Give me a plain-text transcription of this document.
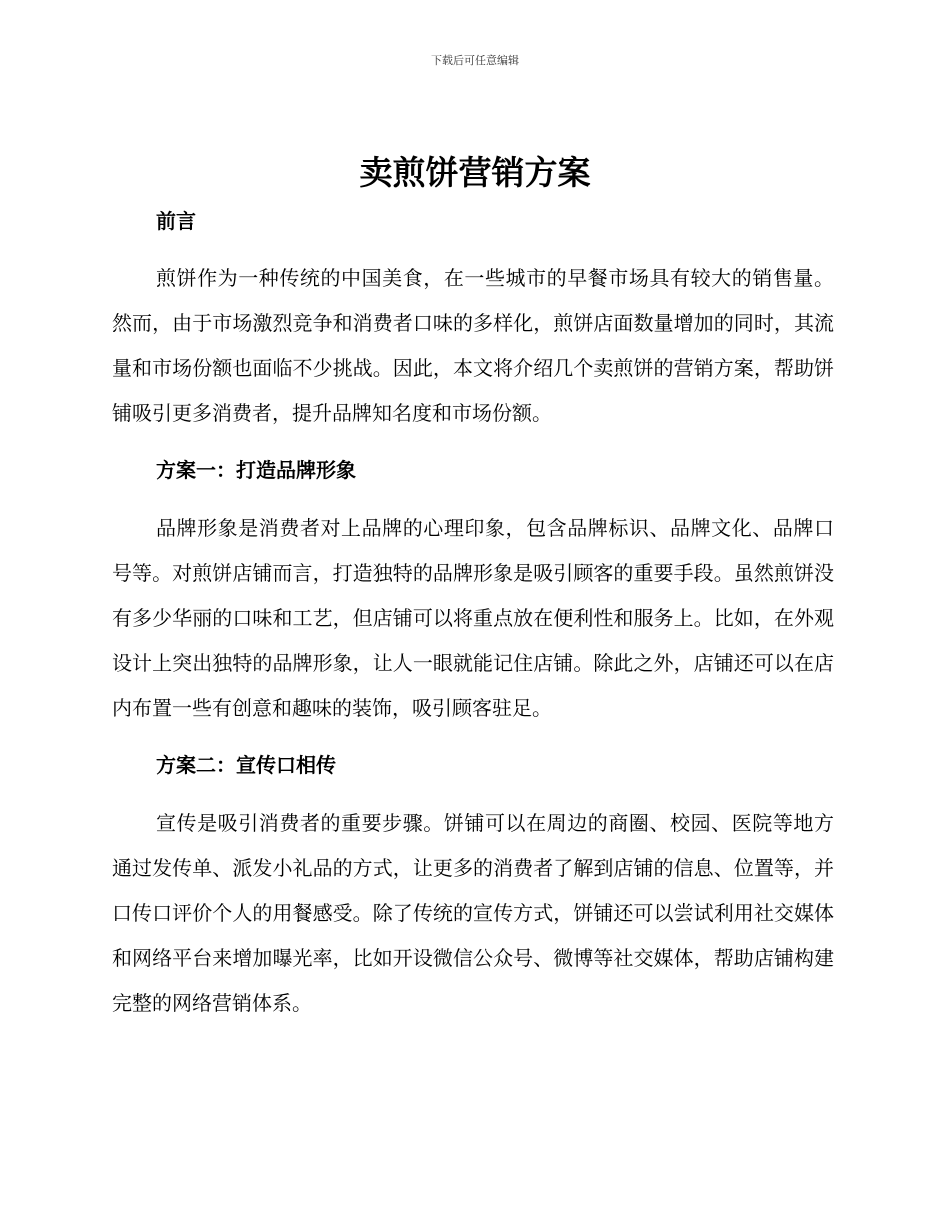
下载后可任意编辑
卖煎饼营销方案
前言

煎饼作为一种传统的中国美食，在一些城市的早餐市场具有较大的销售量。然而，由于市场激烈竞争和消费者口味的多样化，煎饼店面数量增加的同时，其流量和市场份额也面临不少挑战。因此，本文将介绍几个卖煎饼的营销方案，帮助饼铺吸引更多消费者，提升品牌知名度和市场份额。

方案一：打造品牌形象

品牌形象是消费者对上品牌的心理印象，包含品牌标识、品牌文化、品牌口号等。对煎饼店铺而言，打造独特的品牌形象是吸引顾客的重要手段。虽然煎饼没有多少华丽的口味和工艺，但店铺可以将重点放在便利性和服务上。比如，在外观设计上突出独特的品牌形象，让人一眼就能记住店铺。除此之外，店铺还可以在店内布置一些有创意和趣味的装饰，吸引顾客驻足。

方案二：宣传口相传

宣传是吸引消费者的重要步骤。饼铺可以在周边的商圈、校园、医院等地方通过发传单、派发小礼品的方式，让更多的消费者了解到店铺的信息、位置等，并口传口评价个人的用餐感受。除了传统的宣传方式，饼铺还可以尝试利用社交媒体和网络平台来增加曝光率，比如开设微信公众号、微博等社交媒体，帮助店铺构建完整的网络营销体系。
